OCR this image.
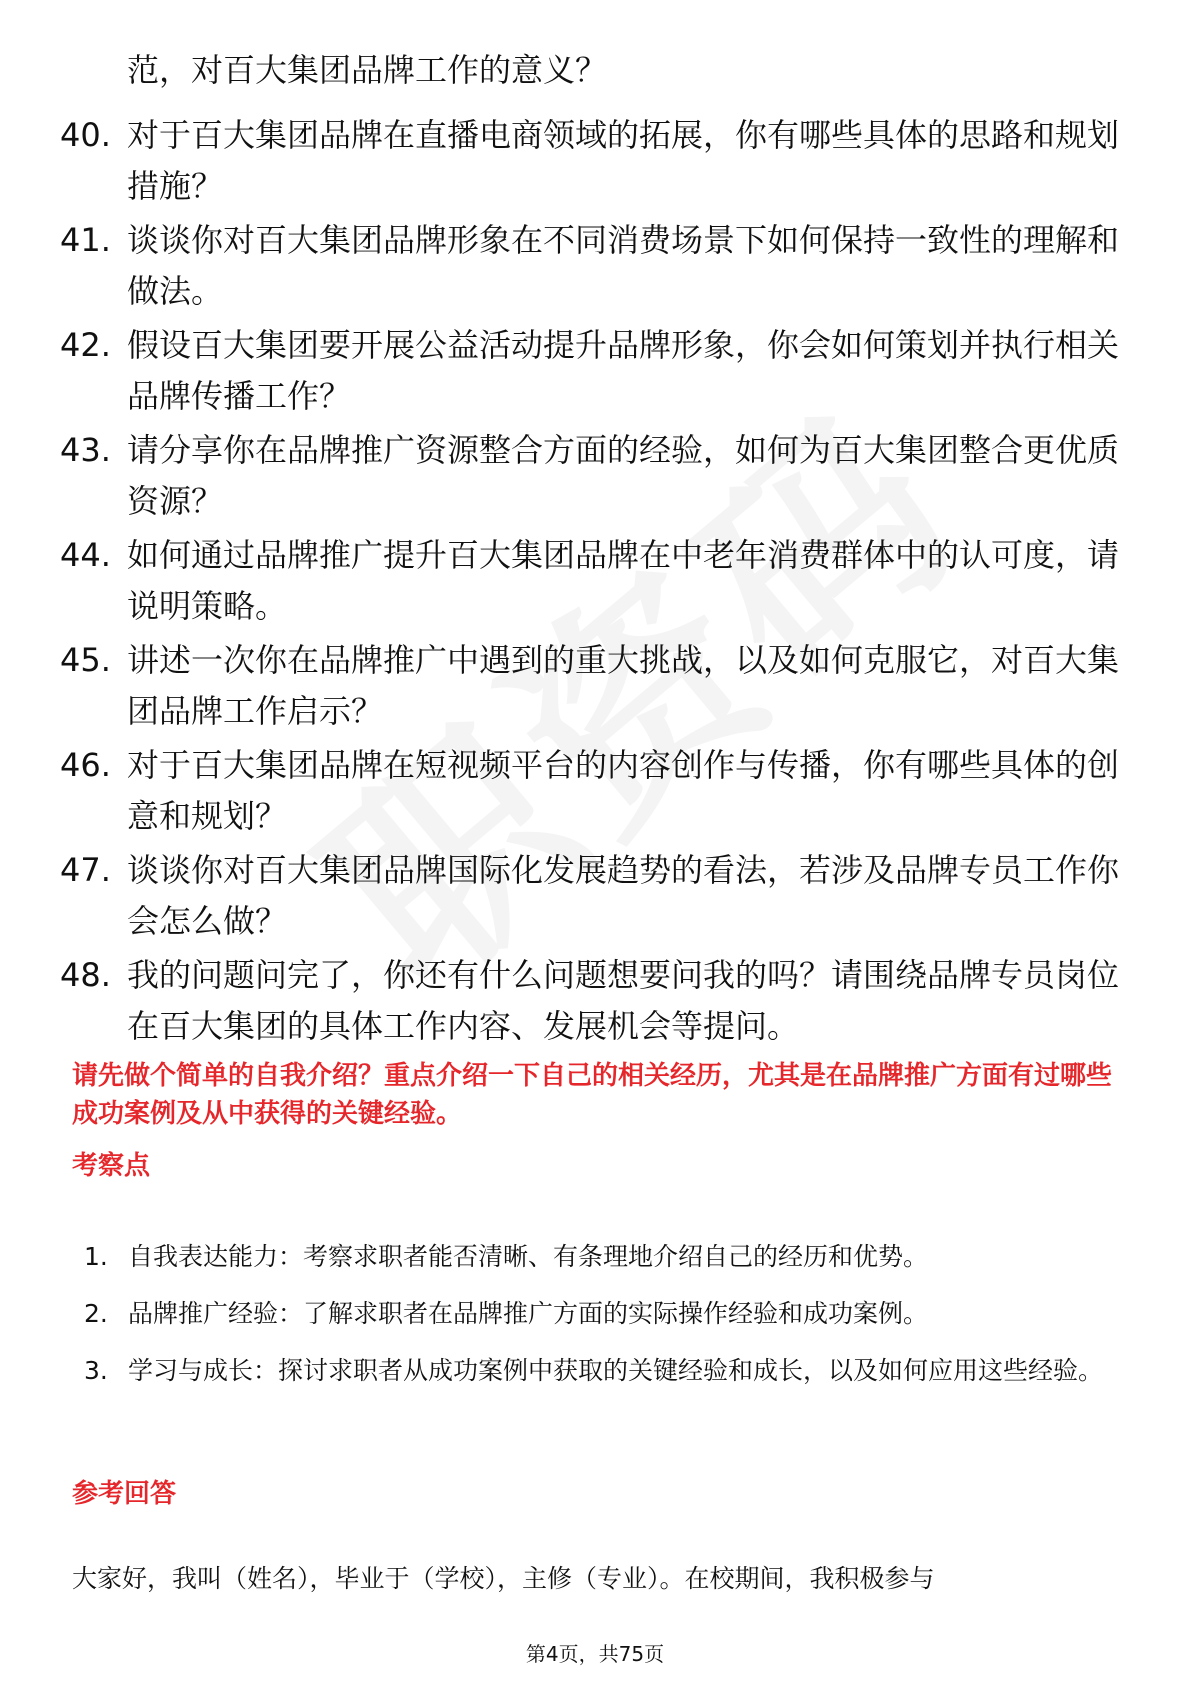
范，对百大集团品牌工作的意义？

40. 对于百大集团品牌在直播电商领域的拓展，你有哪些具体的思路和规划措施？
41. 谈谈你对百大集团品牌形象在不同消费场景下如何保持一致性的理解和做法。
42. 假设百大集团要开展公益活动提升品牌形象，你会如何策划并执行相关品牌传播工作？
43. 请分享你在品牌推广资源整合方面的经验，如何为百大集团整合更优质资源？
44. 如何通过品牌推广提升百大集团品牌在中老年消费群体中的认可度，请说明策略。
45. 讲述一次你在品牌推广中遇到的重大挑战，以及如何克服它，对百大集团品牌工作启示？
46. 对于百大集团品牌在短视频平台的内容创作与传播，你有哪些具体的创意和规划？
47. 谈谈你对百大集团品牌国际化发展趋势的看法，若涉及品牌专员工作你会怎么做？
48. 我的问题问完了，你还有什么问题想要问我的吗？请围绕品牌专员岗位在百大集团的具体工作内容、发展机会等提问。

请先做个简单的自我介绍？重点介绍一下自己的相关经历，尤其是在品牌推广方面有过哪些成功案例及从中获得的关键经验。

考察点
1. 自我表达能力：考察求职者能否清晰、有条理地介绍自己的经历和优势。
2. 品牌推广经验：了解求职者在品牌推广方面的实际操作经验和成功案例。
3. 学习与成长：探讨求职者从成功案例中获取的关键经验和成长，以及如何应用这些经验。
参考回答

大家好，我叫（姓名），毕业于（学校），主修（专业）。在校期间，我积极参与

第4页，共75页
